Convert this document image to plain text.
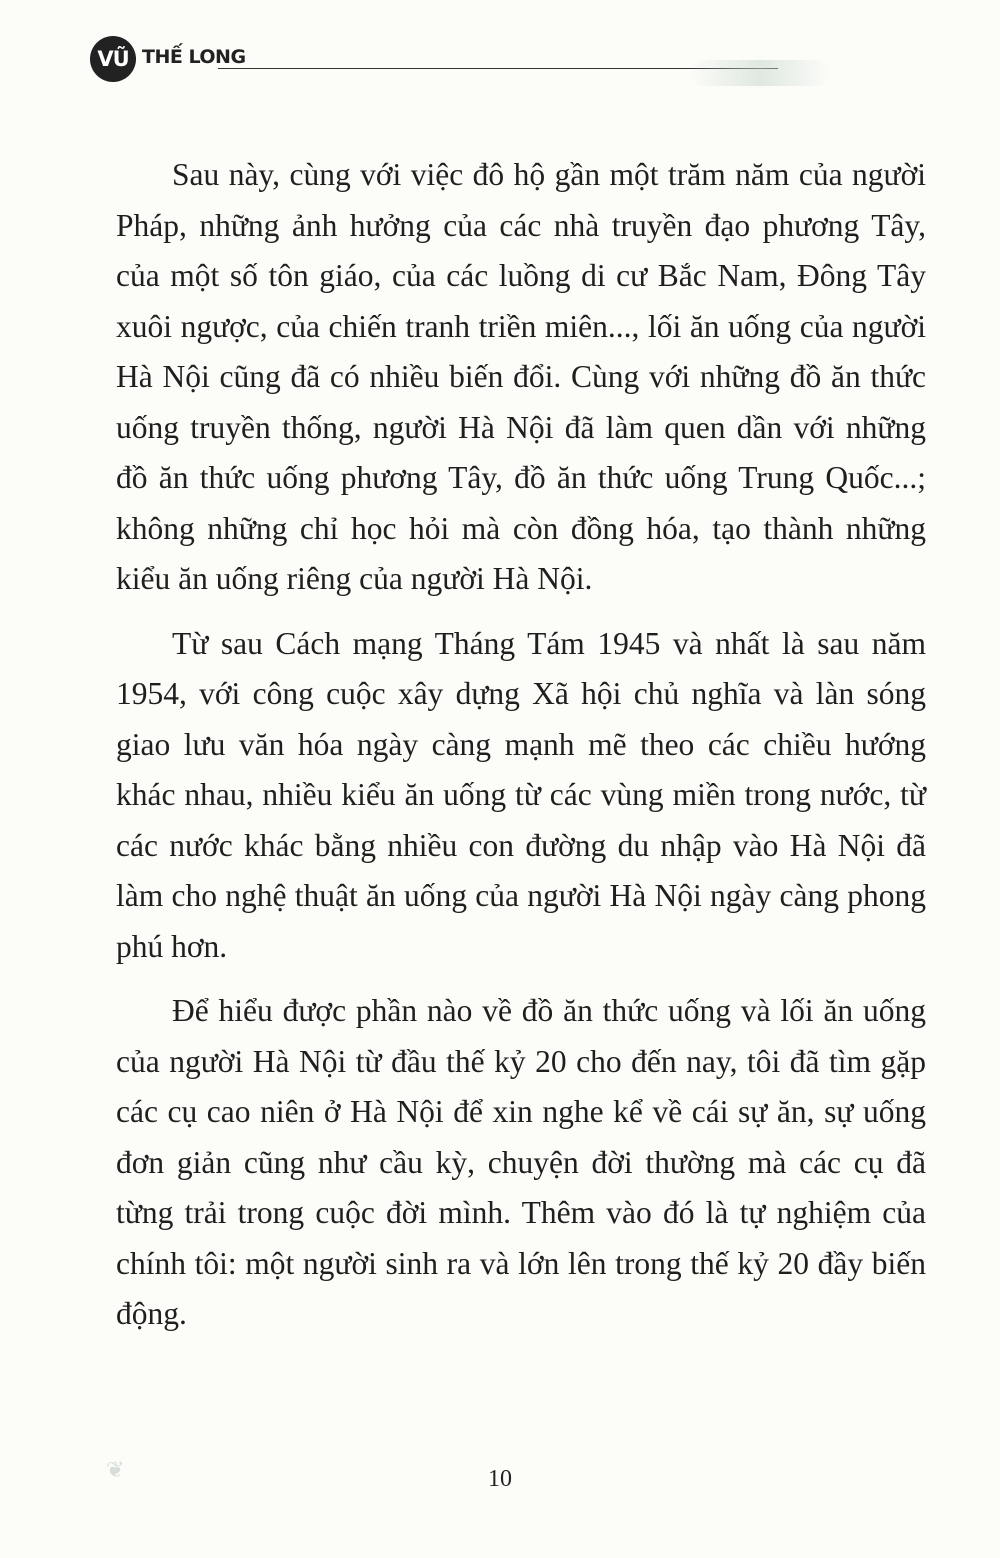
VŨ THẾ LONG

Sau này, cùng với việc đô hộ gần một trăm năm của người Pháp, những ảnh hưởng của các nhà truyền đạo phương Tây, của một số tôn giáo, của các luồng di cư Bắc Nam, Đông Tây xuôi ngược, của chiến tranh triền miên..., lối ăn uống của người Hà Nội cũng đã có nhiều biến đổi. Cùng với những đồ ăn thức uống truyền thống, người Hà Nội đã làm quen dần với những đồ ăn thức uống phương Tây, đồ ăn thức uống Trung Quốc...; không những chỉ học hỏi mà còn đồng hóa, tạo thành những kiểu ăn uống riêng của người Hà Nội.

Từ sau Cách mạng Tháng Tám 1945 và nhất là sau năm 1954, với công cuộc xây dựng Xã hội chủ nghĩa và làn sóng giao lưu văn hóa ngày càng mạnh mẽ theo các chiều hướng khác nhau, nhiều kiểu ăn uống từ các vùng miền trong nước, từ các nước khác bằng nhiều con đường du nhập vào Hà Nội đã làm cho nghệ thuật ăn uống của người Hà Nội ngày càng phong phú hơn.

Để hiểu được phần nào về đồ ăn thức uống và lối ăn uống của người Hà Nội từ đầu thế kỷ 20 cho đến nay, tôi đã tìm gặp các cụ cao niên ở Hà Nội để xin nghe kể về cái sự ăn, sự uống đơn giản cũng như cầu kỳ, chuyện đời thường mà các cụ đã từng trải trong cuộc đời mình. Thêm vào đó là tự nghiệm của chính tôi: một người sinh ra và lớn lên trong thế kỷ 20 đầy biến động.

❦	10
